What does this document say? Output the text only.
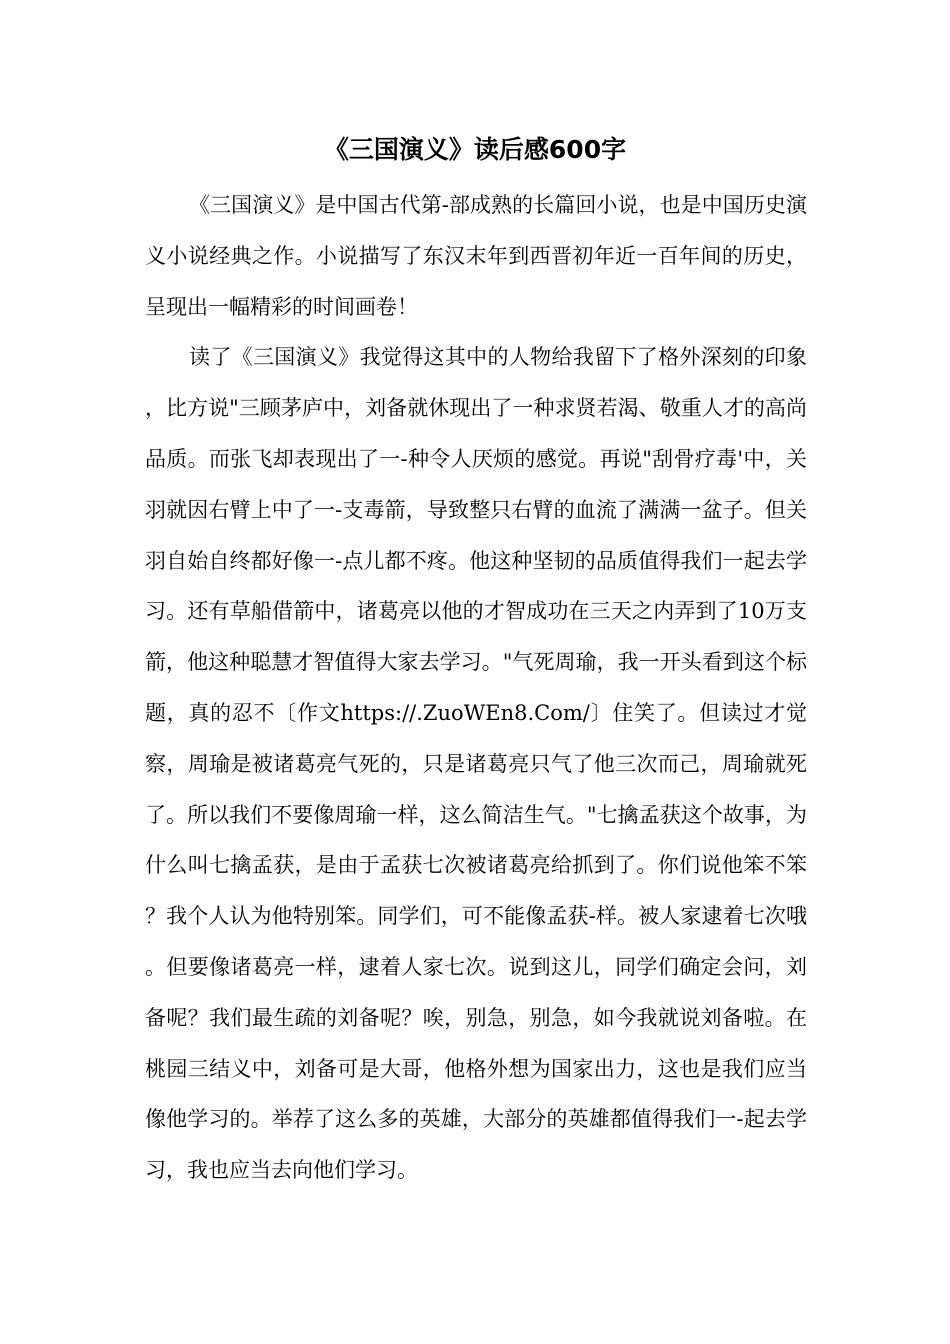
《三国演义》读后感600字

《三国演义》是中国古代第-部成熟的长篇回小说，也是中国历史演义小说经典之作。小说描写了东汉末年到西晋初年近一百年间的历史，呈现出一幅精彩的时间画卷！

读了《三国演义》我觉得这其中的人物给我留下了格外深刻的印象，比方说"三顾茅庐中，刘备就休现出了一种求贤若渴、敬重人才的高尚品质。而张飞却表现出了一-种令人厌烦的感觉。再说"刮骨疗毒'中，关羽就因右臂上中了一-支毒箭，导致整只右臂的血流了满满一盆子。但关羽自始自终都好像一-点儿都不疼。他这种坚韧的品质值得我们一起去学习。还有草船借箭中，诸葛亮以他的才智成功在三天之内弄到了10万支箭，他这种聪慧才智值得大家去学习。"气死周瑜，我一开头看到这个标题，真的忍不〔作文https://.ZuoWEn8.Com/〕住笑了。但读过才觉察，周瑜是被诸葛亮气死的，只是诸葛亮只气了他三次而己，周瑜就死了。所以我们不要像周瑜一样，这么简洁生气。"七擒孟获这个故事，为什么叫七擒孟获，是由于孟获七次被诸葛亮给抓到了。你们说他笨不笨？我个人认为他特别笨。同学们，可不能像孟获-样。被人家逮着七次哦。但要像诸葛亮一样，逮着人家七次。说到这儿，同学们确定会问，刘备呢？我们最生疏的刘备呢？唉，别急，别急，如今我就说刘备啦。在桃园三结义中，刘备可是大哥，他格外想为国家出力，这也是我们应当像他学习的。举荐了这么多的英雄，大部分的英雄都值得我们一-起去学习，我也应当去向他们学习。
